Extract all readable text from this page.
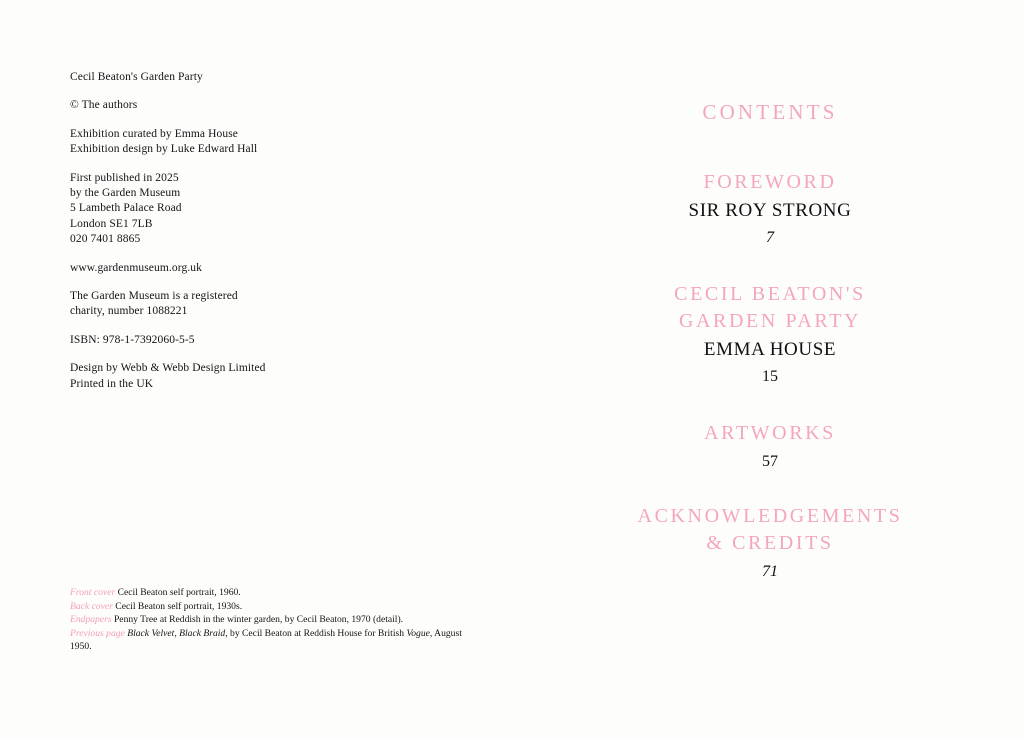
Cecil Beaton's Garden Party
© The authors
Exhibition curated by Emma House
Exhibition design by Luke Edward Hall
First published in 2025
by the Garden Museum
5 Lambeth Palace Road
London SE1 7LB
020 7401 8865
www.gardenmuseum.org.uk
The Garden Museum is a registered
charity, number 1088221
ISBN: 978-1-7392060-5-5
Design by Webb & Webb Design Limited
Printed in the UK

Front cover Cecil Beaton self portrait, 1960.

Back cover Cecil Beaton self portrait, 1930s.

Endpapers Penny Tree at Reddish in the winter garden, by Cecil Beaton, 1970 (detail).

Previous page Black Velvet, Black Braid, by Cecil Beaton at Reddish House for British Vogue, August 1950.

CONTENTS
FOREWORD
SIR ROY STRONG
7
CECIL BEATON'S
GARDEN PARTY
EMMA HOUSE
15
ARTWORKS
57
ACKNOWLEDGEMENTS
& CREDITS
71
